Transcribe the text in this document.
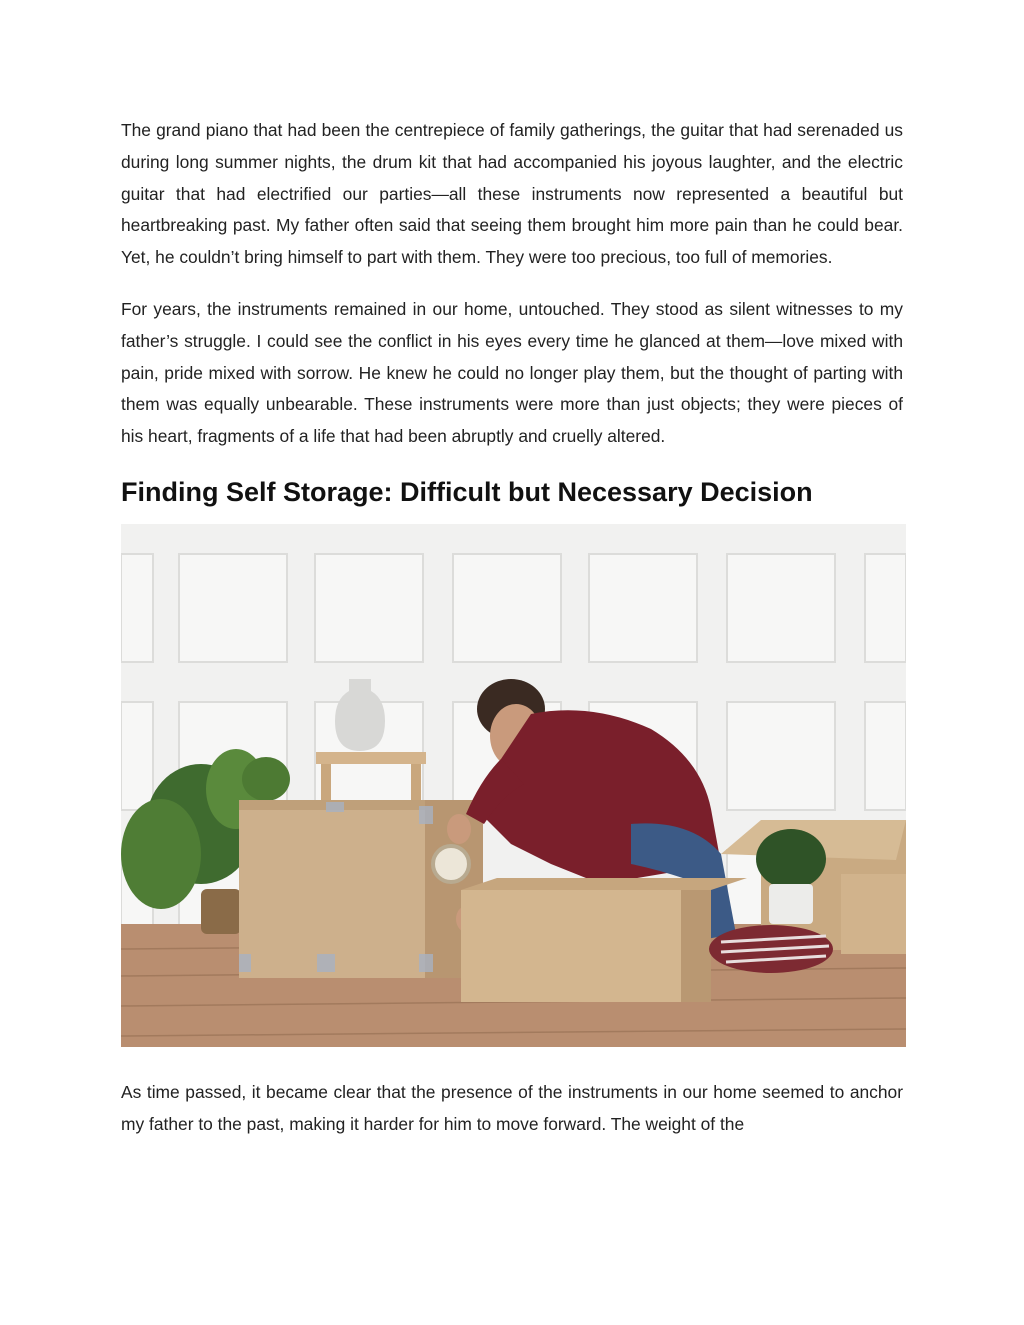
The grand piano that had been the centrepiece of family gatherings, the guitar that had serenaded us during long summer nights, the drum kit that had accompanied his joyous laughter, and the electric guitar that had electrified our parties—all these instruments now represented a beautiful but heartbreaking past. My father often said that seeing them brought him more pain than he could bear. Yet, he couldn’t bring himself to part with them. They were too precious, too full of memories.

For years, the instruments remained in our home, untouched. They stood as silent witnesses to my father’s struggle. I could see the conflict in his eyes every time he glanced at them—love mixed with pain, pride mixed with sorrow. He knew he could no longer play them, but the thought of parting with them was equally unbearable. These instruments were more than just objects; they were pieces of his heart, fragments of a life that had been abruptly and cruelly altered.

Finding Self Storage: Difficult but Necessary Decision

As time passed, it became clear that the presence of the instruments in our home seemed to anchor my father to the past, making it harder for him to move forward. The weight of the
